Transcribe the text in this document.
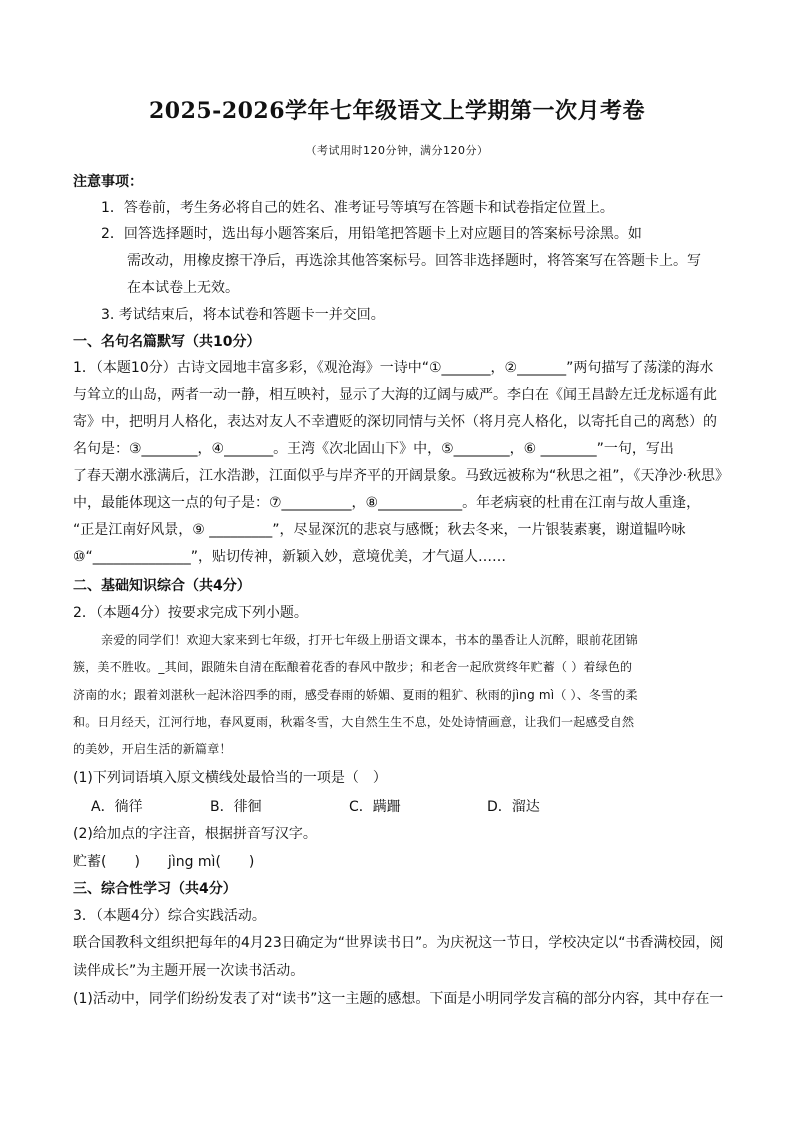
2025-2026学年七年级语文上学期第一次月考卷
（考试用时120分钟，满分120分）
注意事项：
1．答卷前，考生务必将自己的姓名、准考证号等填写在答题卡和试卷指定位置上。
2．回答选择题时，选出每小题答案后，用铅笔把答题卡上对应题目的答案标号涂黑。如
需改动，用橡皮擦干净后，再选涂其他答案标号。回答非选择题时，将答案写在答题卡上。写
在本试卷上无效。
3. 考试结束后，将本试卷和答题卡一并交回。
一、名句名篇默写（共10分）
1．（本题10分）古诗文园地丰富多彩，《观沧海》一诗中“①_______，②_______”两句描写了荡漾的海水
与耸立的山岛，两者一动一静，相互映衬，显示了大海的辽阔与威严。李白在《闻王昌龄左迁龙标遥有此
寄》中，把明月人格化，表达对友人不幸遭贬的深切同情与关怀（将月亮人格化，以寄托自己的离愁）的
名句是：③________，④_______。王湾《次北固山下》中，⑤________，⑥ ________”一句，写出
了春天潮水涨满后，江水浩渺，江面似乎与岸齐平的开阔景象。马致远被称为“秋思之祖”，《天净沙·秋思》
中，最能体现这一点的句子是：⑦__________，⑧____________。年老病衰的杜甫在江南与故人重逢，
“正是江南好风景，⑨ _________”，尽显深沉的悲哀与感慨；秋去冬来，一片银装素裹，谢道韫吟咏
⑩“______________”，贴切传神，新颖入妙，意境优美，才气逼人……
二、基础知识综合（共4分）
2．（本题4分）按要求完成下列小题。
亲爱的同学们！欢迎大家来到七年级，打开七年级上册语文课本，书本的墨香让人沉醉，眼前花团锦
簇，美不胜收。_其间，跟随朱自清在酝酿着花香的春风中散步；和老舍一起欣赏终年贮蓄（ ）着绿色的
济南的水；跟着刘湛秋一起沐浴四季的雨，感受春雨的娇媚、夏雨的粗犷、秋雨的jìng mì（ ）、冬雪的柔
和。日月经天，江河行地，春风夏雨，秋霜冬雪，大自然生生不息，处处诗情画意，让我们一起感受自然
的美妙，开启生活的新篇章！
(1)下列词语填入原文横线处最恰当的一项是（　）
A．徜徉	B．徘徊	C．蹒跚	D．溜达
(2)给加点的字注音，根据拼音写汉字。
贮蓄(　　)　　jìng mì(　　)
三、综合性学习（共4分）
3．（本题4分）综合实践活动。
联合国教科文组织把每年的4月23日确定为“世界读书日”。为庆祝这一节日，学校决定以“书香满校园，阅
读伴成长”为主题开展一次读书活动。
(1)活动中，同学们纷纷发表了对“读书”这一主题的感想。下面是小明同学发言稿的部分内容，其中存在一
